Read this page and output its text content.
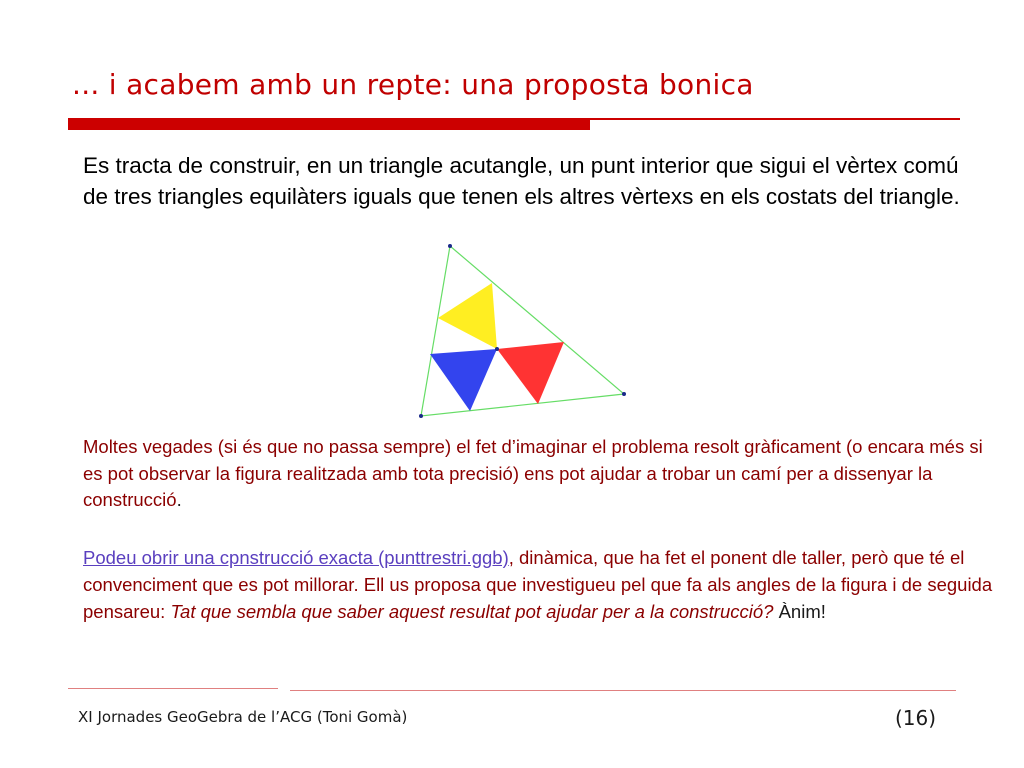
... i acabem amb un repte: una proposta bonica

Es tracta de construir, en un triangle acutangle, un punt interior que sigui el vèrtex comú de tres triangles equilàters iguals que tenen els altres vèrtexs en els costats del triangle.

Moltes vegades (si és que no passa sempre) el fet d’imaginar el problema resolt gràficament (o encara més si es pot observar la figura realitzada amb tota precisió) ens pot ajudar a trobar un camí per a dissenyar la construcció.

Podeu obrir una cpnstrucció exacta (punttrestri.ggb), dinàmica, que ha fet el ponent dle taller, però que té el convenciment que es pot millorar. Ell us proposa que investigueu pel que fa als angles de la figura i de seguida pensareu: Tat que sembla que saber aquest resultat pot ajudar per a la construcció? Ànim!

XI Jornades GeoGebra de l’ACG (Toni Gomà)	(16)
